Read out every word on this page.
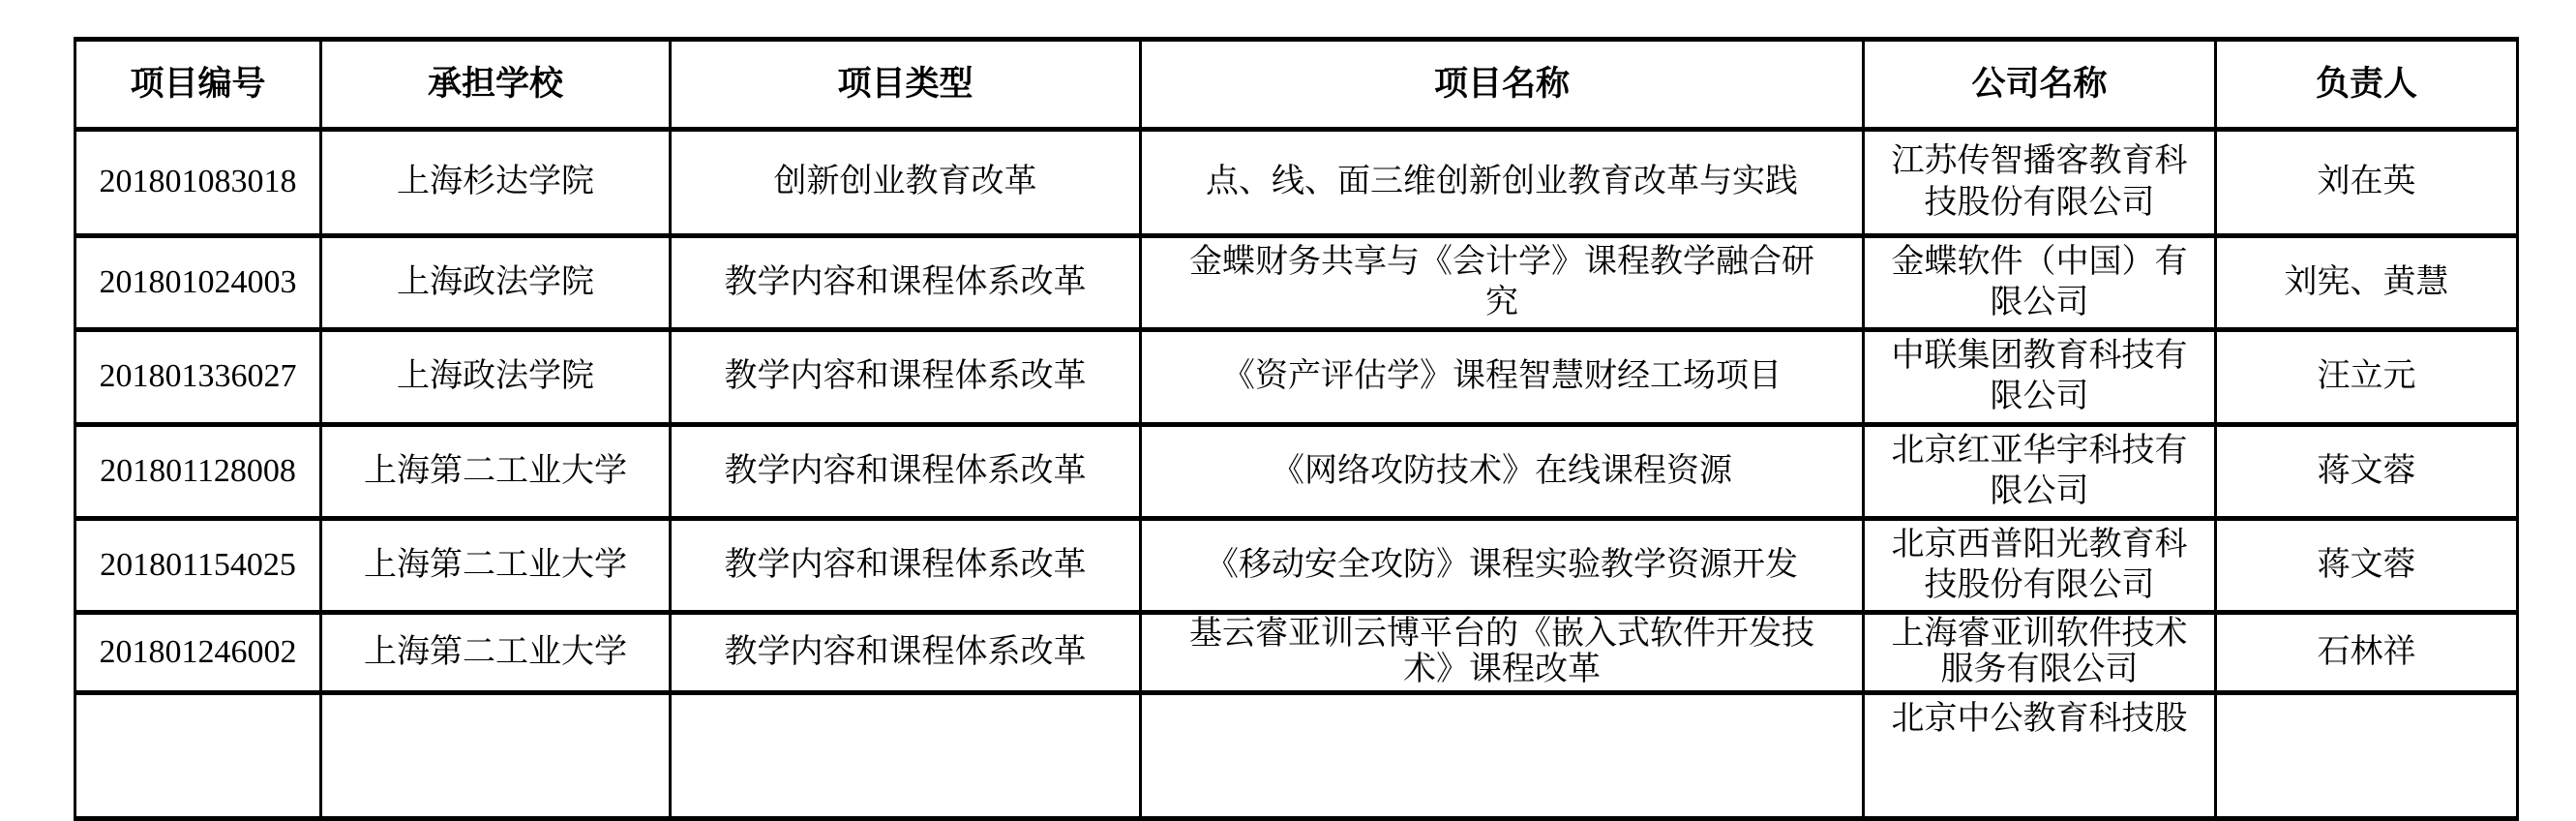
项目编号	承担学校	项目类型	项目名称	公司名称	负责人
201801083018	上海杉达学院	创新创业教育改革	点、线、面三维创新创业教育改革与实践	江苏传智播客教育科技股份有限公司	刘在英
201801024003	上海政法学院	教学内容和课程体系改革	金蝶财务共享与《会计学》课程教学融合研究	金蝶软件（中国）有限公司	刘宪、黄慧
201801336027	上海政法学院	教学内容和课程体系改革	《资产评估学》课程智慧财经工场项目	中联集团教育科技有限公司	汪立元
201801128008	上海第二工业大学	教学内容和课程体系改革	《网络攻防技术》在线课程资源	北京红亚华宇科技有限公司	蒋文蓉
201801154025	上海第二工业大学	教学内容和课程体系改革	《移动安全攻防》课程实验教学资源开发	北京西普阳光教育科技股份有限公司	蒋文蓉
201801246002	上海第二工业大学	教学内容和课程体系改革	基云睿亚训云博平台的《嵌入式软件开发技术》课程改革	上海睿亚训软件技术服务有限公司	石林祥
				北京中公教育科技股	
